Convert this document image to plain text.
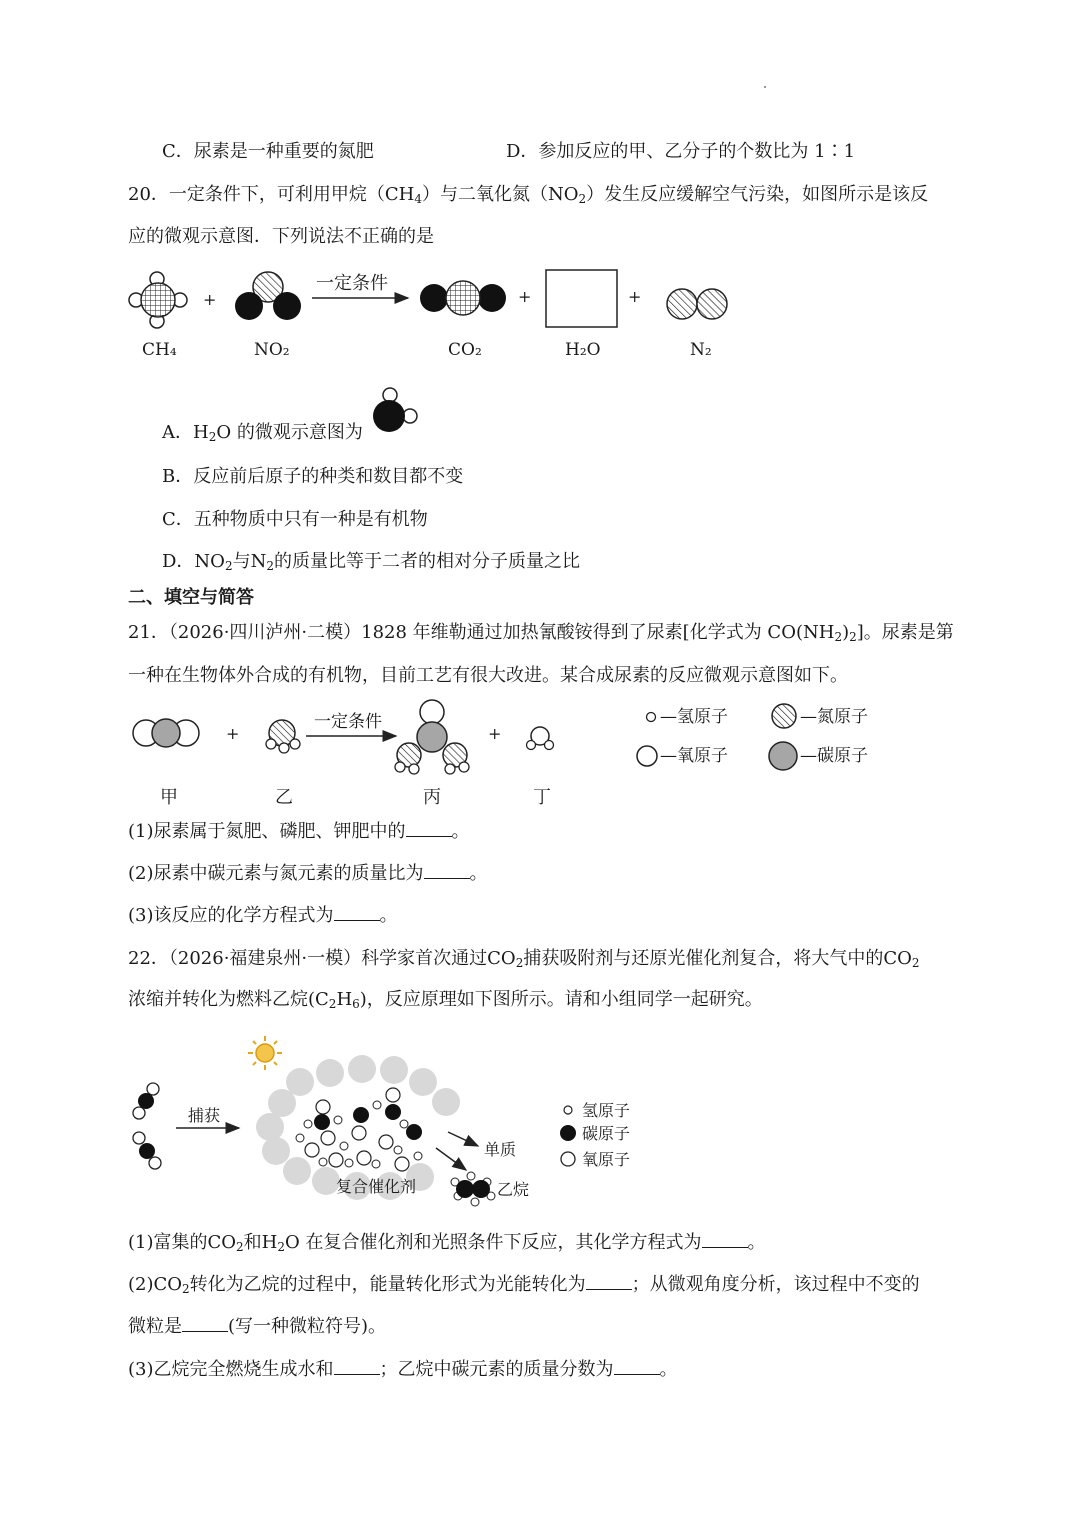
C．尿素是一种重要的氮肥	D．参加反应的甲、乙分子的个数比为 1∶1
20．一定条件下，可利用甲烷$(CH_4)$与二氧化氮$(NO_2)$发生反应缓解空气污染，如图所示是该反
应的微观示意图．下列说法不正确的是
+	+	+
+	+
一定条件
CH₄	NO₂	CO₂	H₂O	N₂
A．$H_2O$ 的微观示意图为
B．反应前后原子的种类和数目都不变
C．五种物质中只有一种是有机物
D．$NO_2$与$N_2$的质量比等于二者的相对分子质量之比
二、填空与简答
21．（2026·四川泸州·二模）1828 年维勒通过加热氰酸铵得到了尿素[化学式为 $CO(NH_2)_2$]。尿素是第
一种在生物体外合成的有机物，目前工艺有很大改进。某合成尿素的反应微观示意图如下。
一定条件
甲	乙	丙	丁
—氢原子	—氮原子
—氧原子	—碳原子
(1)尿素属于氮肥、磷肥、钾肥中的	。
(2)尿素中碳元素与氮元素的质量比为	。
(3)该反应的化学方程式为	。
22．（2026·福建泉州·一模）科学家首次通过$CO_2$捕获吸附剂与还原光催化剂复合，将大气中的$CO_2$
浓缩并转化为燃料乙烷$(C_2H_6)$，反应原理如下图所示。请和小组同学一起研究。
捕获
复合催化剂
单质
乙烷
氢原子
碳原子
氧原子
(1)富集的$CO_2$和$H_2O$ 在复合催化剂和光照条件下反应，其化学方程式为	。
$(2)CO_2$转化为乙烷的过程中，能量转化形式为光能转化为	；从微观角度分析，该过程中不变的
微粒是	(写一种微粒符号)。
(3)乙烷完全燃烧生成水和	；乙烷中碳元素的质量分数为	。
